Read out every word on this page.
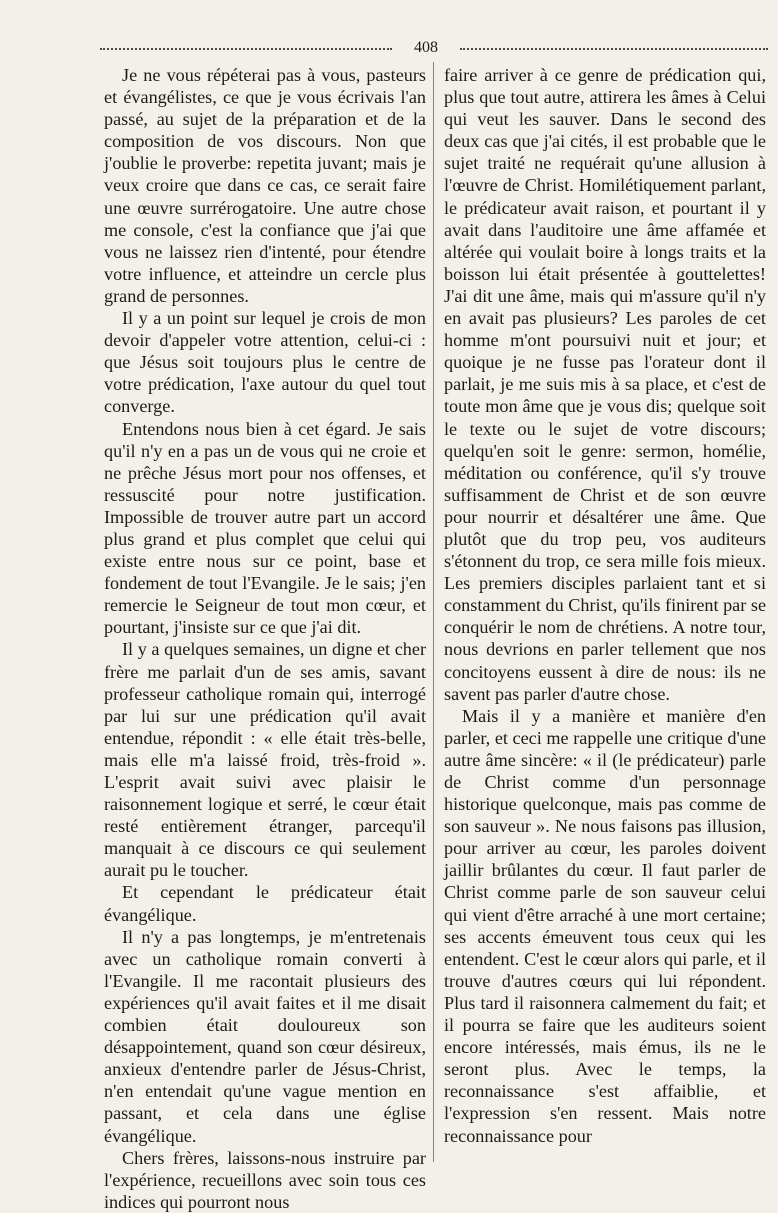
408

Je ne vous répéterai pas à vous, pasteurs et évangélistes, ce que je vous écrivais l'an passé, au sujet de la préparation et de la composition de vos discours. Non que j'oublie le proverbe: repetita juvant; mais je veux croire que dans ce cas, ce serait faire une œuvre surrérogatoire. Une autre chose me console, c'est la confiance que j'ai que vous ne laissez rien d'intenté, pour étendre votre influence, et atteindre un cercle plus grand de personnes.

Il y a un point sur lequel je crois de mon devoir d'appeler votre attention, celui-ci : que Jésus soit toujours plus le centre de votre prédication, l'axe autour du quel tout converge.

Entendons nous bien à cet égard. Je sais qu'il n'y en a pas un de vous qui ne croie et ne prêche Jésus mort pour nos offenses, et ressuscité pour notre justification. Impossible de trouver autre part un accord plus grand et plus complet que celui qui existe entre nous sur ce point, base et fondement de tout l'Evangile. Je le sais; j'en remercie le Seigneur de tout mon cœur, et pourtant, j'insiste sur ce que j'ai dit.

Il y a quelques semaines, un digne et cher frère me parlait d'un de ses amis, savant professeur catholique romain qui, interrogé par lui sur une prédication qu'il avait entendue, répondit : « elle était très-belle, mais elle m'a laissé froid, très-froid ». L'esprit avait suivi avec plaisir le raisonnement logique et serré, le cœur était resté entièrement étranger, parcequ'il manquait à ce discours ce qui seulement aurait pu le toucher.

Et cependant le prédicateur était évangélique.

Il n'y a pas longtemps, je m'entretenais avec un catholique romain converti à l'Evangile. Il me racontait plusieurs des expériences qu'il avait faites et il me disait combien était douloureux son désappointement, quand son cœur désireux, anxieux d'entendre parler de Jésus-Christ, n'en entendait qu'une vague mention en passant, et cela dans une église évangélique.

Chers frères, laissons-nous instruire par l'expérience, recueillons avec soin tous ces indices qui pourront nous

faire arriver à ce genre de prédication qui, plus que tout autre, attirera les âmes à Celui qui veut les sauver. Dans le second des deux cas que j'ai cités, il est probable que le sujet traité ne requérait qu'une allusion à l'œuvre de Christ. Homilétiquement parlant, le prédicateur avait raison, et pourtant il y avait dans l'auditoire une âme affamée et altérée qui voulait boire à longs traits et la boisson lui était présentée à gouttelettes! J'ai dit une âme, mais qui m'assure qu'il n'y en avait pas plusieurs? Les paroles de cet homme m'ont poursuivi nuit et jour; et quoique je ne fusse pas l'orateur dont il parlait, je me suis mis à sa place, et c'est de toute mon âme que je vous dis; quelque soit le texte ou le sujet de votre discours; quelqu'en soit le genre: sermon, homélie, méditation ou conférence, qu'il s'y trouve suffisamment de Christ et de son œuvre pour nourrir et désaltérer une âme. Que plutôt que du trop peu, vos auditeurs s'étonnent du trop, ce sera mille fois mieux. Les premiers disciples parlaient tant et si constamment du Christ, qu'ils finirent par se conquérir le nom de chrétiens. A notre tour, nous devrions en parler tellement que nos concitoyens eussent à dire de nous: ils ne savent pas parler d'autre chose.

Mais il y a manière et manière d'en parler, et ceci me rappelle une critique d'une autre âme sincère: « il (le prédicateur) parle de Christ comme d'un personnage historique quelconque, mais pas comme de son sauveur ». Ne nous faisons pas illusion, pour arriver au cœur, les paroles doivent jaillir brûlantes du cœur. Il faut parler de Christ comme parle de son sauveur celui qui vient d'être arraché à une mort certaine; ses accents émeuvent tous ceux qui les entendent. C'est le cœur alors qui parle, et il trouve d'autres cœurs qui lui répondent. Plus tard il raisonnera calmement du fait; et il pourra se faire que les auditeurs soient encore intéressés, mais émus, ils ne le seront plus. Avec le temps, la reconnaissance s'est affaiblie, et l'expression s'en ressent. Mais notre reconnaissance pour
